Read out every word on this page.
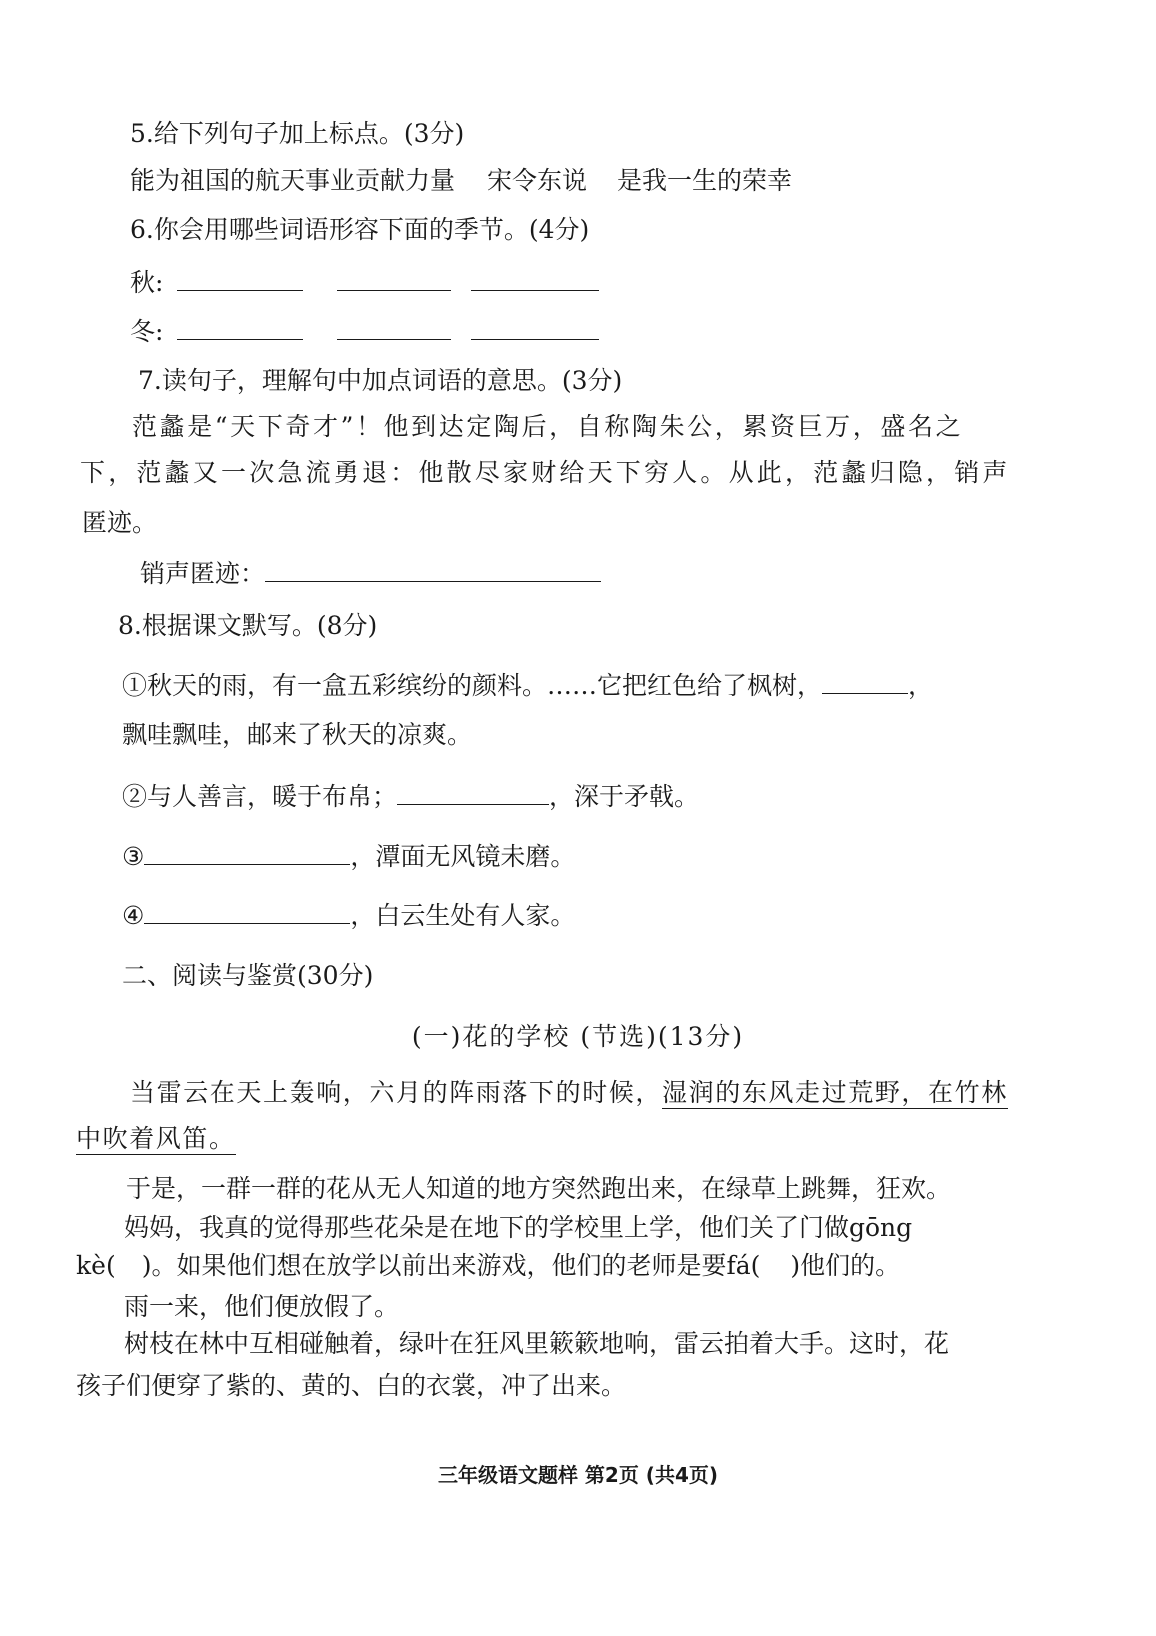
5.给下列句子加上标点。(3分)
能为祖国的航天事业贡献力量 宋令东说 是我一生的荣幸
6.你会用哪些词语形容下面的季节。(4分)
秋:
冬:
7.读句子，理解句中加点词语的意思。(3分)
范蠡是“天下奇才”！他到达定陶后，自称陶朱公，累资巨万，盛名之
下，范蠡又一次急流勇退：他散尽家财给天下穷人。从此，范蠡归隐，销声
匿迹。
销声匿迹：
8.根据课文默写。(8分)
①秋天的雨，有一盒五彩缤纷的颜料。……它把红色给了枫树，	，
飘哇飘哇，邮来了秋天的凉爽。
②与人善言，暖于布帛；	，深于矛戟。
③	，潭面无风镜未磨。
④	，白云生处有人家。
二、阅读与鉴赏(30分)
(一)花的学校 (节选)(13分)
当雷云在天上轰响，六月的阵雨落下的时候，湿润的东风走过荒野，在竹林
中吹着风笛。
于是，一群一群的花从无人知道的地方突然跑出来，在绿草上跳舞，狂欢。
妈妈，我真的觉得那些花朵是在地下的学校里上学，他们关了门做gōng
kè( )。如果他们想在放学以前出来游戏，他们的老师是要fá( )他们的。
雨一来，他们便放假了。
树枝在林中互相碰触着，绿叶在狂风里簌簌地响，雷云拍着大手。这时，花
孩子们便穿了紫的、黄的、白的衣裳，冲了出来。
三年级语文题样 第2页 (共4页)
